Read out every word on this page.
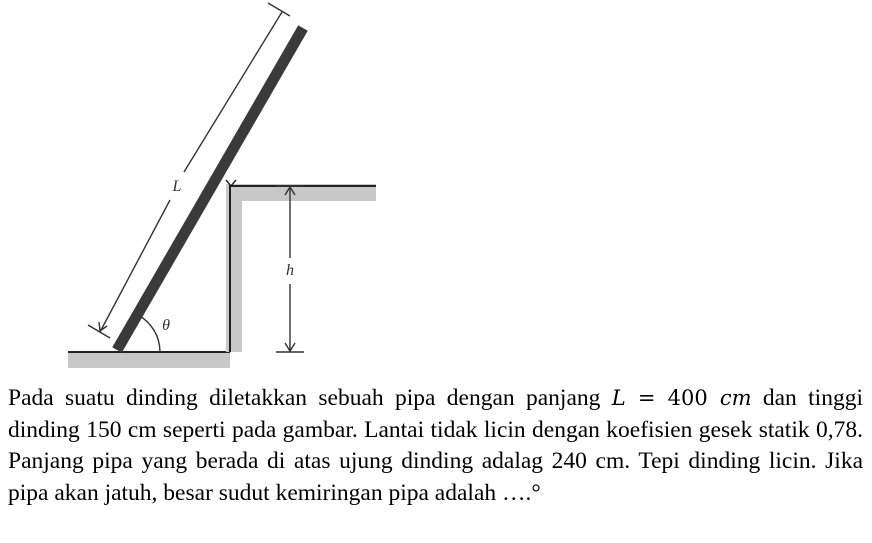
h
L
θ

Pada suatu dinding diletakkan sebuah pipa dengan panjang L = 400 cm dan tinggi dinding 150 cm seperti pada gambar. Lantai tidak licin dengan koefisien gesek statik 0,78. Panjang pipa yang berada di atas ujung dinding adalag 240 cm. Tepi dinding licin. Jika pipa akan jatuh, besar sudut kemiringan pipa adalah ….°
